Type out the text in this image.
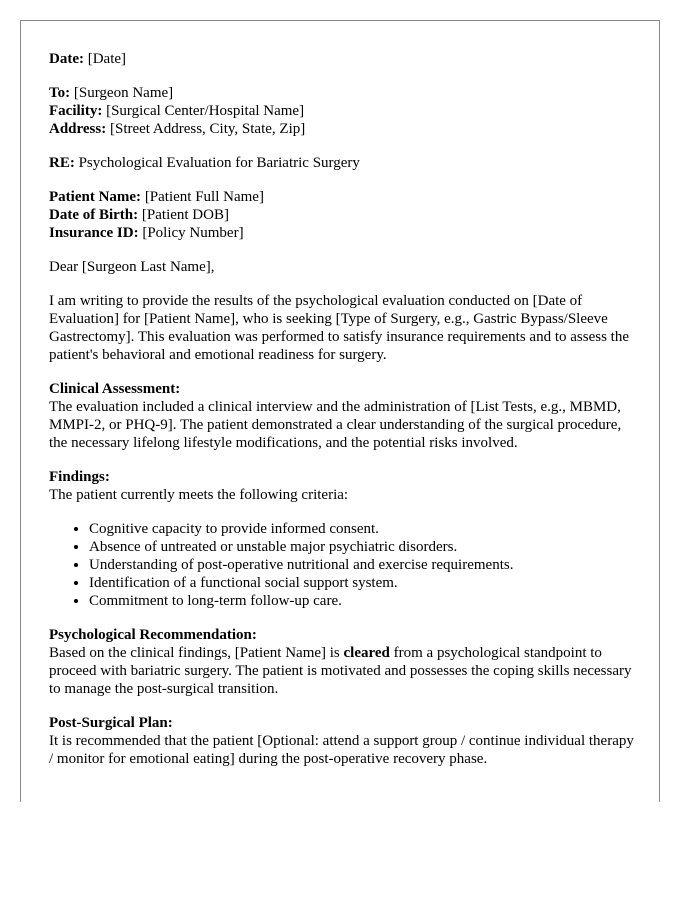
Date: [Date]

To: [Surgeon Name]
Facility: [Surgical Center/Hospital Name]
Address: [Street Address, City, State, Zip]

RE: Psychological Evaluation for Bariatric Surgery

Patient Name: [Patient Full Name]
Date of Birth: [Patient DOB]
Insurance ID: [Policy Number]

Dear [Surgeon Last Name],

I am writing to provide the results of the psychological evaluation conducted on [Date of Evaluation] for [Patient Name], who is seeking [Type of Surgery, e.g., Gastric Bypass/Sleeve Gastrectomy]. This evaluation was performed to satisfy insurance requirements and to assess the patient's behavioral and emotional readiness for surgery.

Clinical Assessment:
The evaluation included a clinical interview and the administration of [List Tests, e.g., MBMD, MMPI-2, or PHQ-9]. The patient demonstrated a clear understanding of the surgical procedure, the necessary lifelong lifestyle modifications, and the potential risks involved.

Findings:

The patient currently meets the following criteria:

• Cognitive capacity to provide informed consent.
• Absence of untreated or unstable major psychiatric disorders.
• Understanding of post-operative nutritional and exercise requirements.
• Identification of a functional social support system.
• Commitment to long-term follow-up care.

Psychological Recommendation:
Based on the clinical findings, [Patient Name] is cleared from a psychological standpoint to proceed with bariatric surgery. The patient is motivated and possesses the coping skills necessary to manage the post-surgical transition.

Post-Surgical Plan:
It is recommended that the patient [Optional: attend a support group / continue individual therapy / monitor for emotional eating] during the post-operative recovery phase.
